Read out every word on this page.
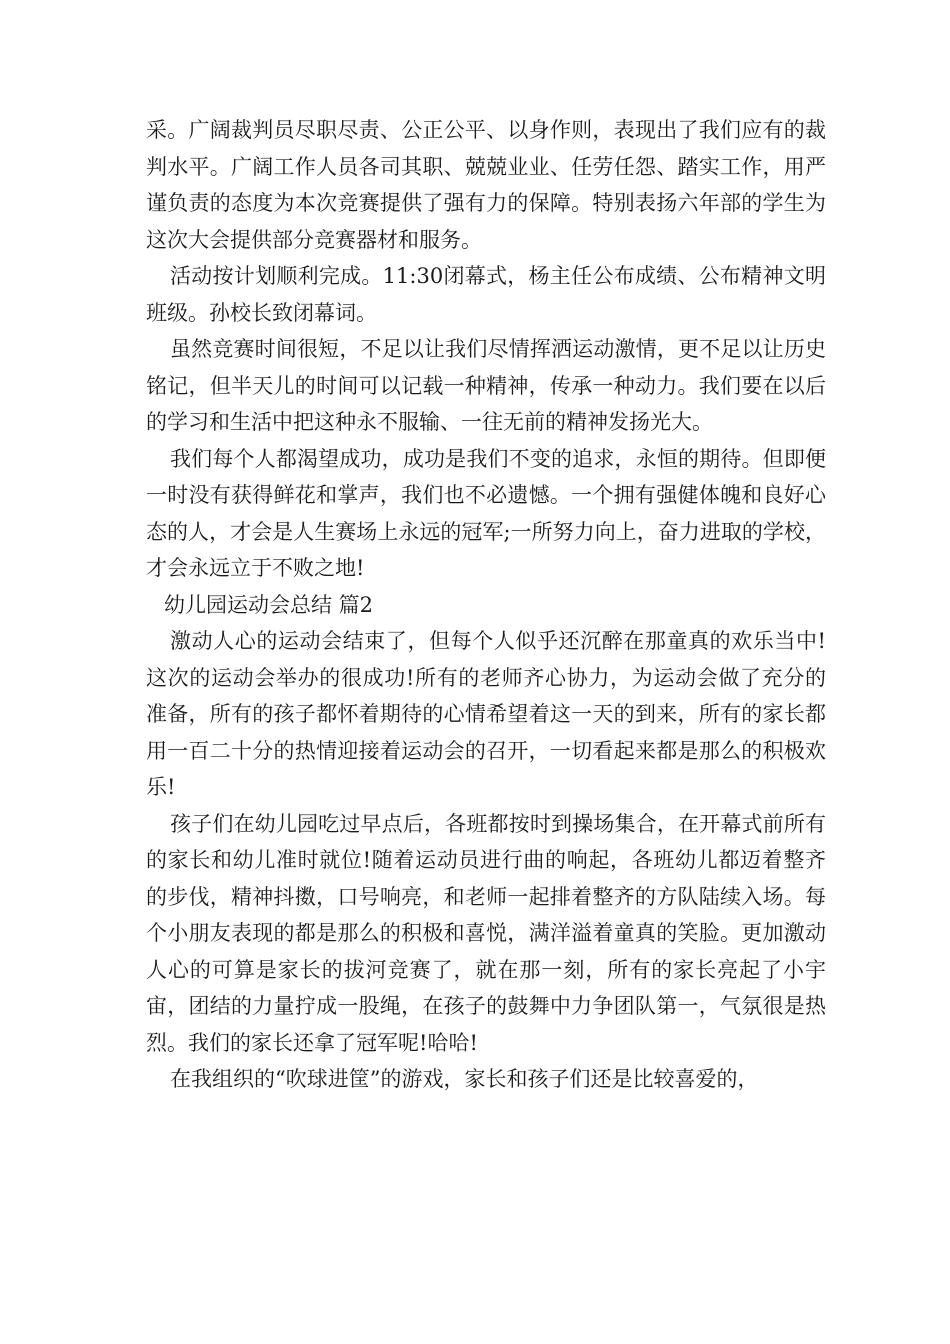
采。广阔裁判员尽职尽责、公正公平、以身作则，表现出了我们应有的裁判水平。广阔工作人员各司其职、兢兢业业、任劳任怨、踏实工作，用严谨负责的态度为本次竞赛提供了强有力的保障。特别表扬六年部的学生为这次大会提供部分竞赛器材和服务。

活动按计划顺利完成。11:30闭幕式，杨主任公布成绩、公布精神文明班级。孙校长致闭幕词。

虽然竞赛时间很短，不足以让我们尽情挥洒运动激情，更不足以让历史铭记，但半天儿的时间可以记载一种精神，传承一种动力。我们要在以后的学习和生活中把这种永不服输、一往无前的精神发扬光大。

我们每个人都渴望成功，成功是我们不变的追求，永恒的期待。但即便一时没有获得鲜花和掌声，我们也不必遗憾。一个拥有强健体魄和良好心态的人，才会是人生赛场上永远的冠军;一所努力向上，奋力进取的学校，才会永远立于不败之地!

幼儿园运动会总结 篇2

激动人心的运动会结束了，但每个人似乎还沉醉在那童真的欢乐当中!这次的运动会举办的很成功!所有的老师齐心协力，为运动会做了充分的准备，所有的孩子都怀着期待的心情希望着这一天的到来，所有的家长都用一百二十分的热情迎接着运动会的召开，一切看起来都是那么的积极欢乐!

孩子们在幼儿园吃过早点后，各班都按时到操场集合，在开幕式前所有的家长和幼儿准时就位!随着运动员进行曲的响起，各班幼儿都迈着整齐的步伐，精神抖擞，口号响亮，和老师一起排着整齐的方队陆续入场。每个小朋友表现的都是那么的积极和喜悦，满洋溢着童真的笑脸。更加激动人心的可算是家长的拔河竞赛了，就在那一刻，所有的家长亮起了小宇宙，团结的力量拧成一股绳，在孩子的鼓舞中力争团队第一，气氛很是热烈。我们的家长还拿了冠军呢!哈哈!

在我组织的“吹球进筐”的游戏，家长和孩子们还是比较喜爱的，
